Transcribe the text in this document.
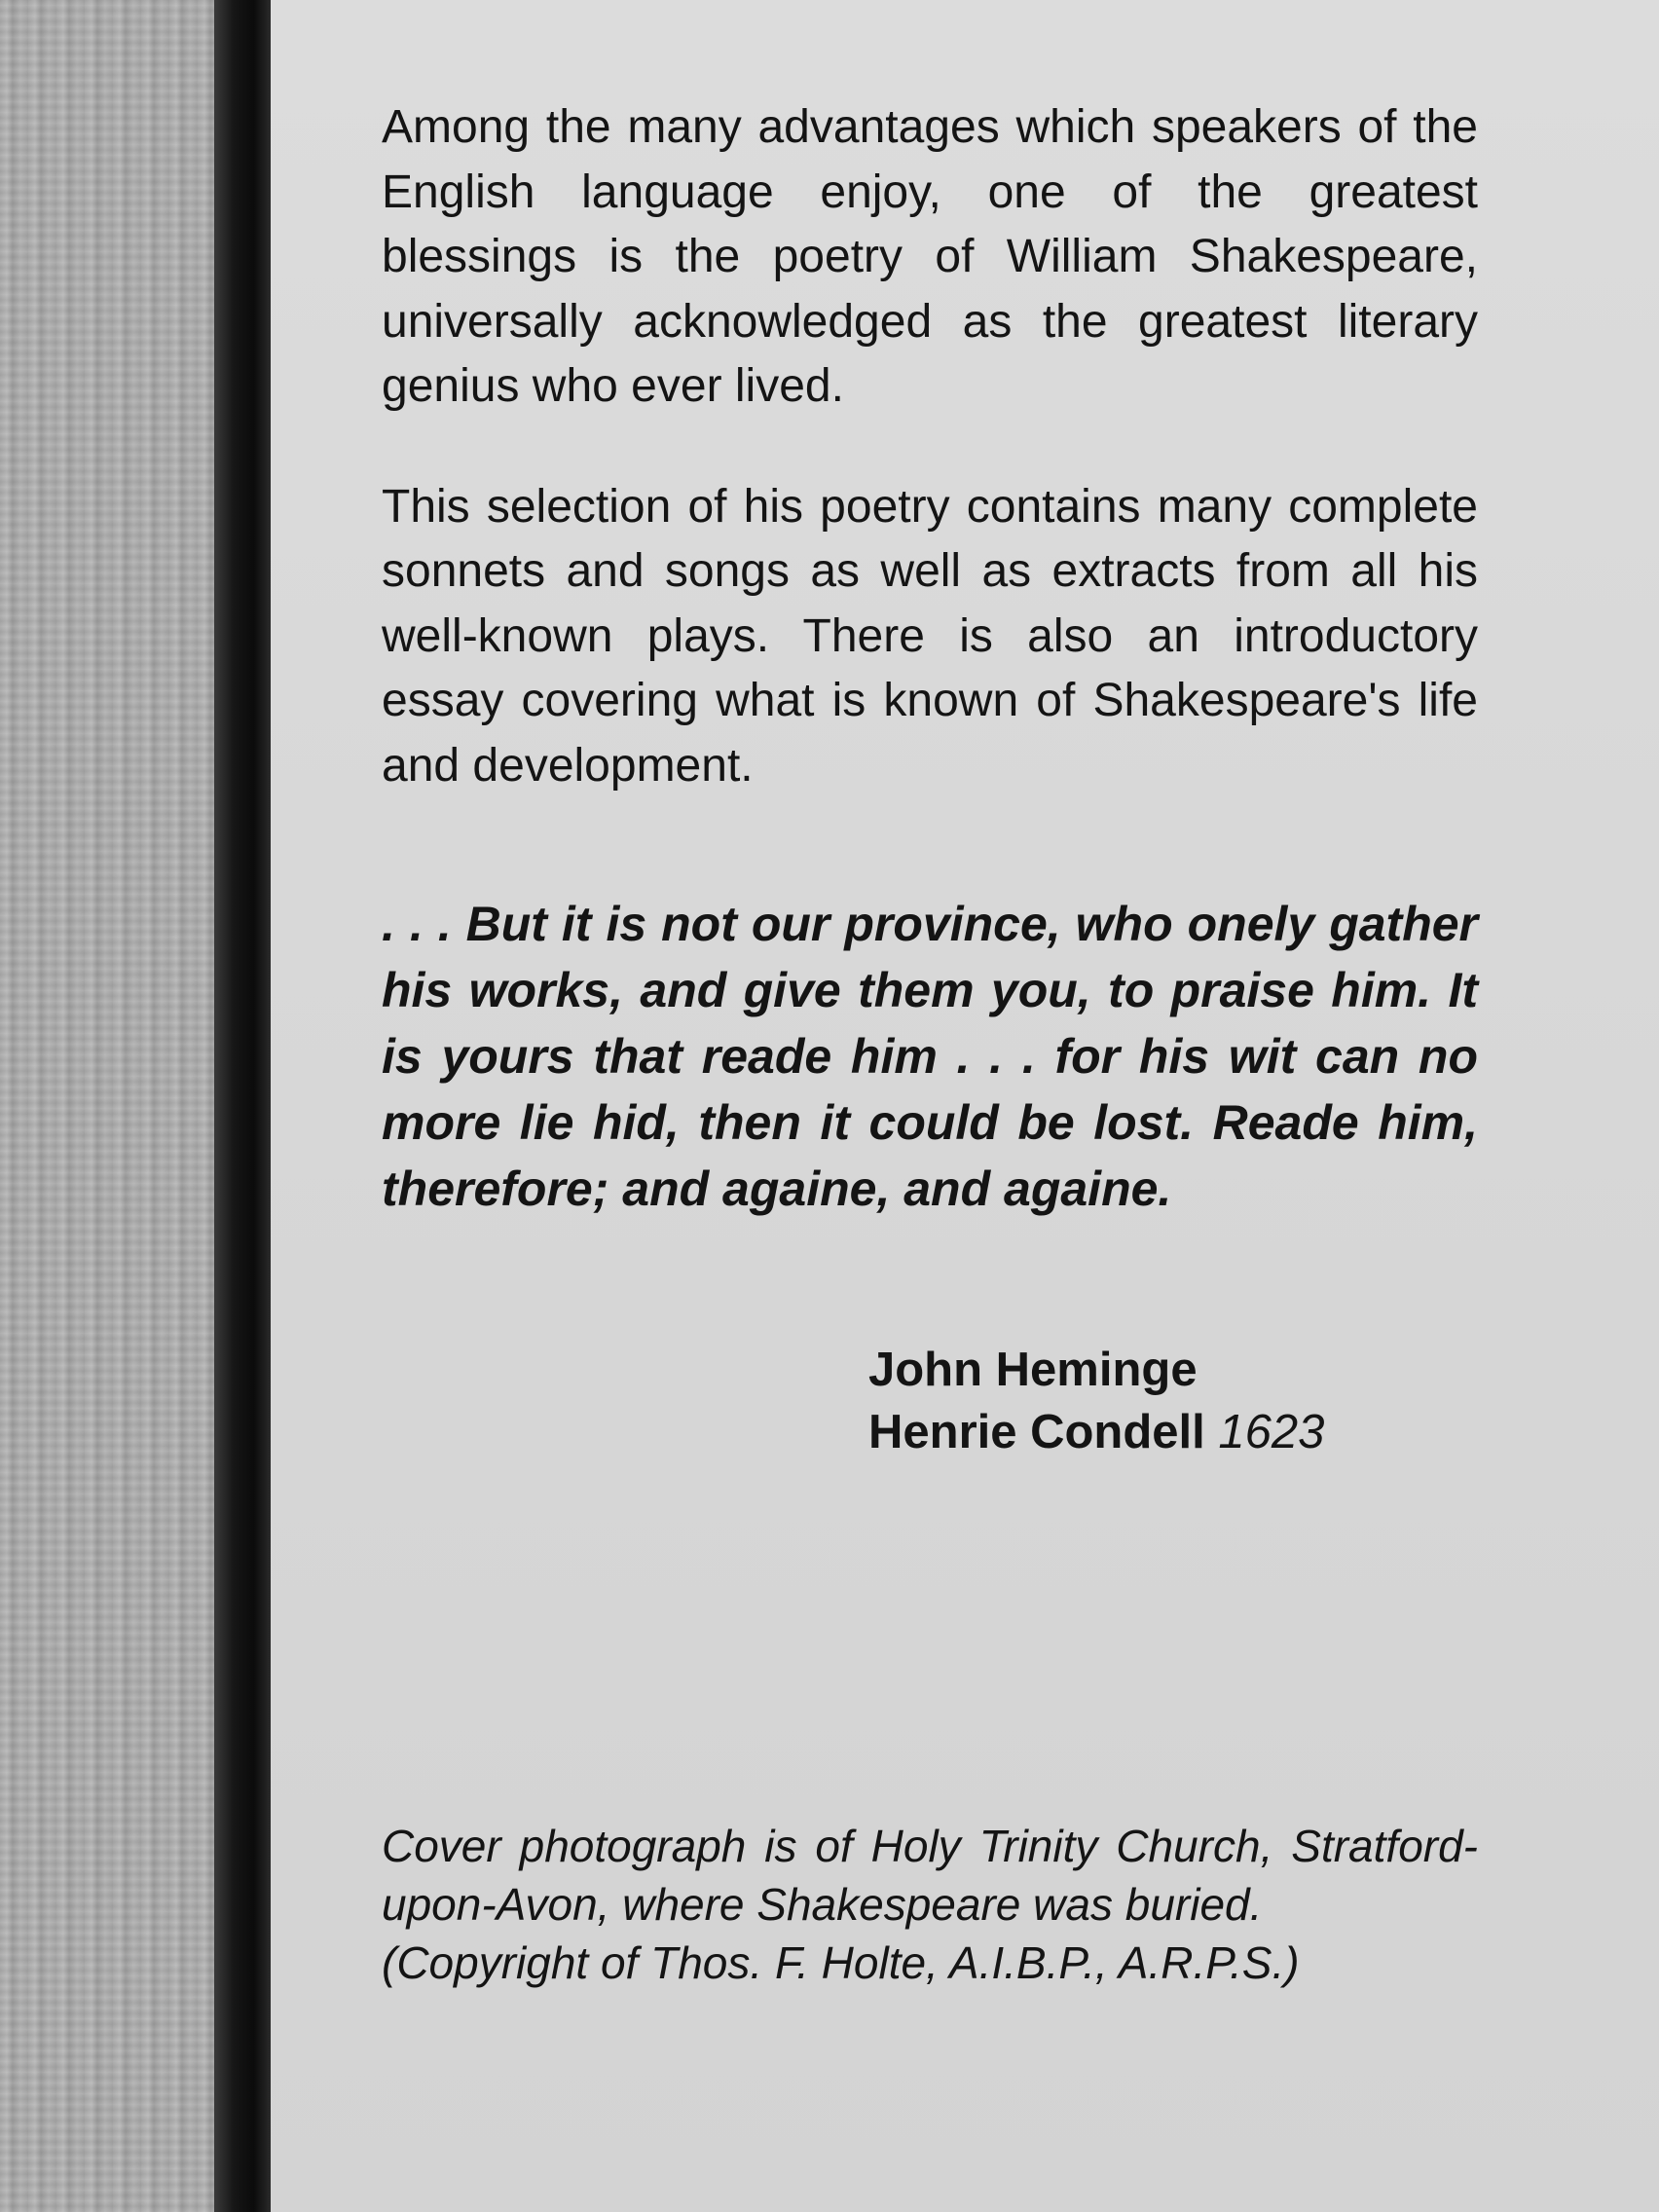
Among the many advantages which speakers of the English language enjoy, one of the greatest blessings is the poetry of William Shakespeare, universally acknowledged as the greatest literary genius who ever lived.

This selection of his poetry contains many complete sonnets and songs as well as extracts from all his well-known plays. There is also an introductory essay covering what is known of Shakespeare's life and development.

. . . But it is not our province, who onely gather his works, and give them you, to praise him. It is yours that reade him . . . for his wit can no more lie hid, then it could be lost. Reade him, therefore; and againe, and againe.

John Heminge
Henrie Condell 1623

Cover photograph is of Holy Trinity Church, Stratford-upon-Avon, where Shakespeare was buried.

(Copyright of Thos. F. Holte, A.I.B.P., A.R.P.S.)
